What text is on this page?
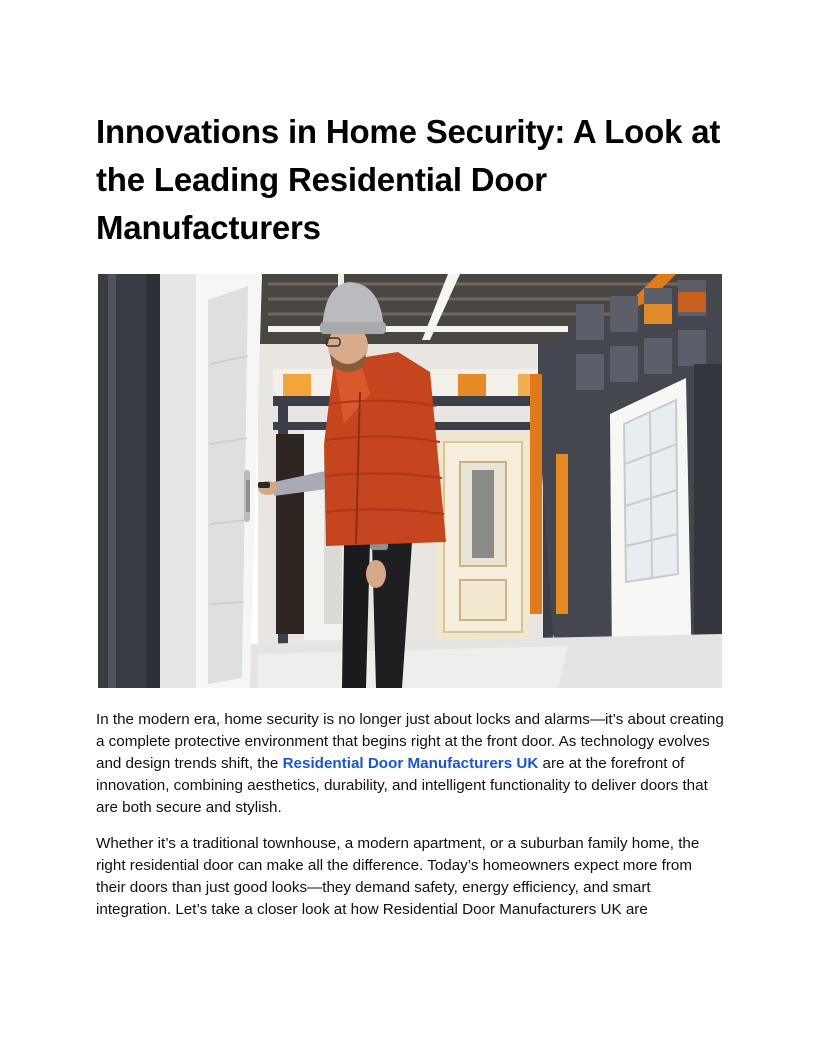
Innovations in Home Security: A Look at the Leading Residential Door Manufacturers

In the modern era, home security is no longer just about locks and alarms—it’s about creating a complete protective environment that begins right at the front door. As technology evolves and design trends shift, the Residential Door Manufacturers UK are at the forefront of innovation, combining aesthetics, durability, and intelligent functionality to deliver doors that are both secure and stylish.

Whether it’s a traditional townhouse, a modern apartment, or a suburban family home, the right residential door can make all the difference. Today’s homeowners expect more from their doors than just good looks—they demand safety, energy efficiency, and smart integration. Let’s take a closer look at how Residential Door Manufacturers UK are
